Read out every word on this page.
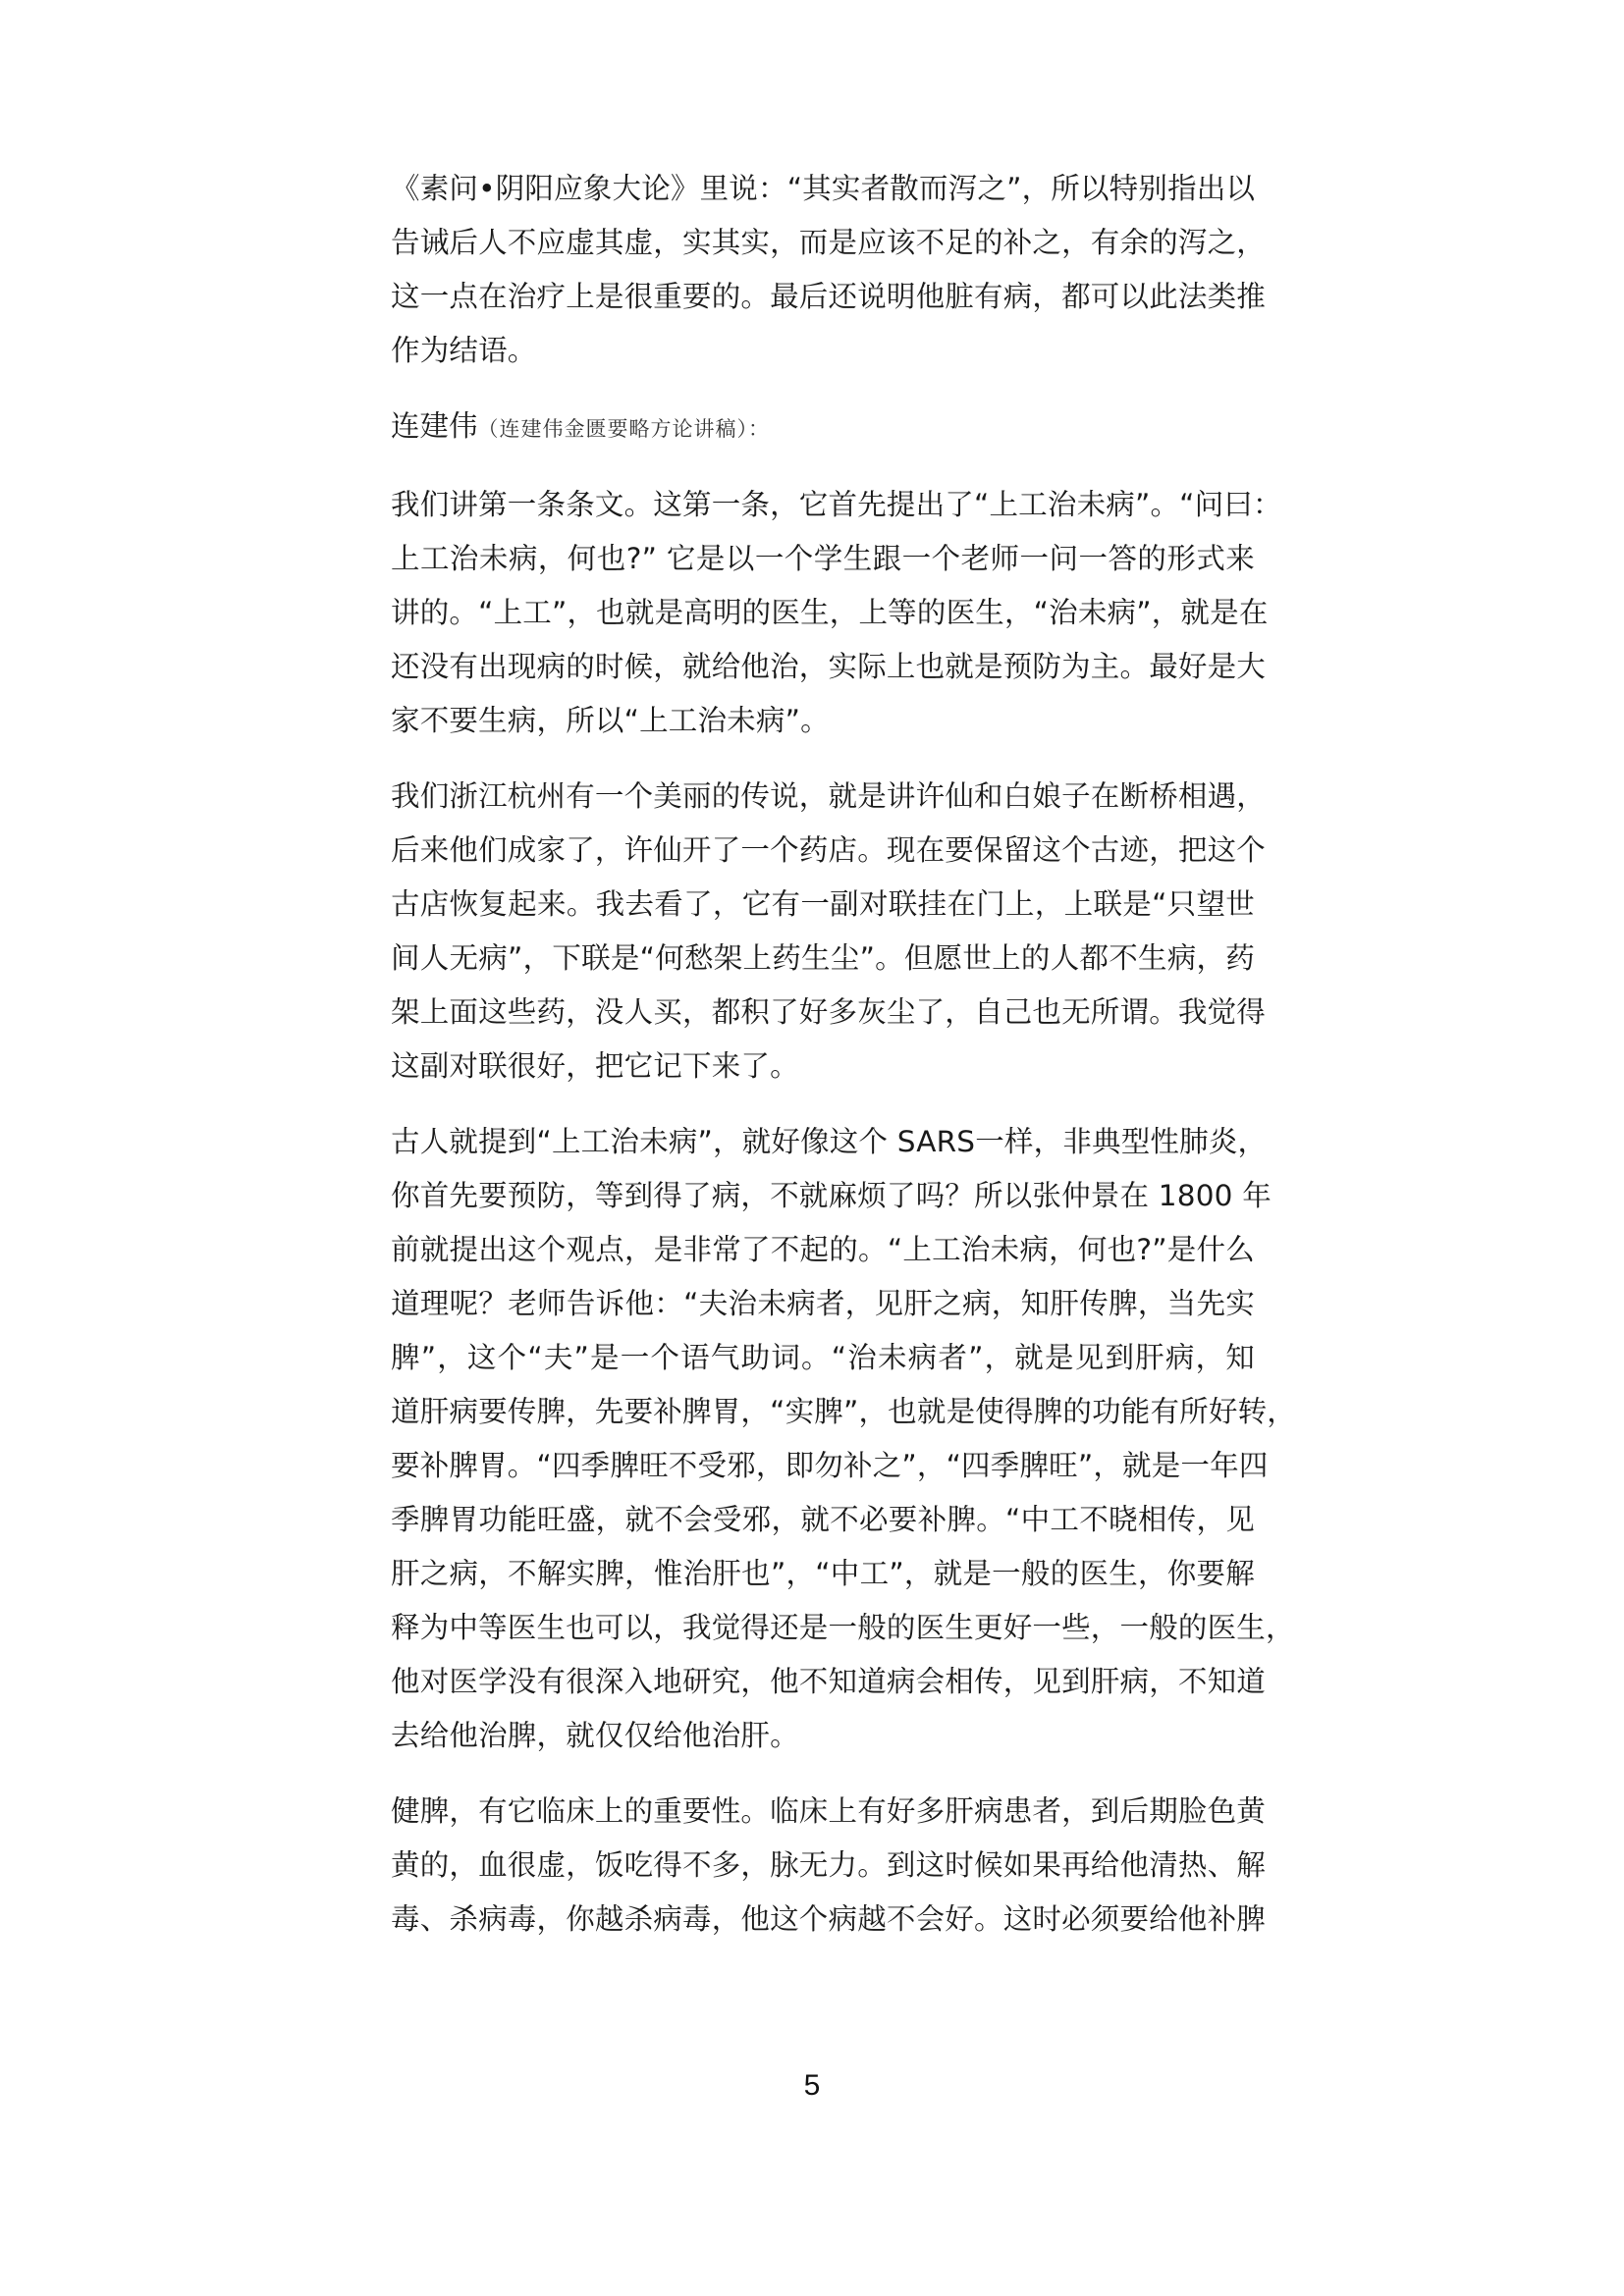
《素问•阴阳应象大论》里说：“其实者散而泻之”，所以特别指出以
告诫后人不应虚其虚，实其实，而是应该不足的补之，有余的泻之，
这一点在治疗上是很重要的。最后还说明他脏有病，都可以此法类推
作为结语。

连建伟（连建伟金匮要略方论讲稿）：

我们讲第一条条文。这第一条，它首先提出了“上工治未病”。“问曰：
上工治未病，何也?” 它是以一个学生跟一个老师一问一答的形式来
讲的。“上工”，也就是高明的医生，上等的医生，“治未病”，就是在
还没有出现病的时候，就给他治，实际上也就是预防为主。最好是大
家不要生病，所以“上工治未病”。

我们浙江杭州有一个美丽的传说，就是讲许仙和白娘子在断桥相遇，
后来他们成家了，许仙开了一个药店。现在要保留这个古迹，把这个
古店恢复起来。我去看了，它有一副对联挂在门上，上联是“只望世
间人无病”，下联是“何愁架上药生尘”。但愿世上的人都不生病，药
架上面这些药，没人买，都积了好多灰尘了，自己也无所谓。我觉得
这副对联很好，把它记下来了。

古人就提到“上工治未病”，就好像这个 SARS一样，非典型性肺炎，
你首先要预防，等到得了病，不就麻烦了吗？所以张仲景在 1800 年
前就提出这个观点，是非常了不起的。“上工治未病，何也?”是什么
道理呢？老师告诉他：“夫治未病者，见肝之病，知肝传脾，当先实
脾”，这个“夫”是一个语气助词。“治未病者”，就是见到肝病，知
道肝病要传脾，先要补脾胃，“实脾”，也就是使得脾的功能有所好转，
要补脾胃。“四季脾旺不受邪，即勿补之”，“四季脾旺”，就是一年四
季脾胃功能旺盛，就不会受邪，就不必要补脾。“中工不晓相传，见
肝之病，不解实脾，惟治肝也”，“中工”，就是一般的医生，你要解
释为中等医生也可以，我觉得还是一般的医生更好一些，一般的医生，
他对医学没有很深入地研究，他不知道病会相传，见到肝病，不知道
去给他治脾，就仅仅给他治肝。

健脾，有它临床上的重要性。临床上有好多肝病患者，到后期脸色黄
黄的，血很虚，饭吃得不多，脉无力。到这时候如果再给他清热、解
毒、杀病毒，你越杀病毒，他这个病越不会好。这时必须要给他补脾

5
